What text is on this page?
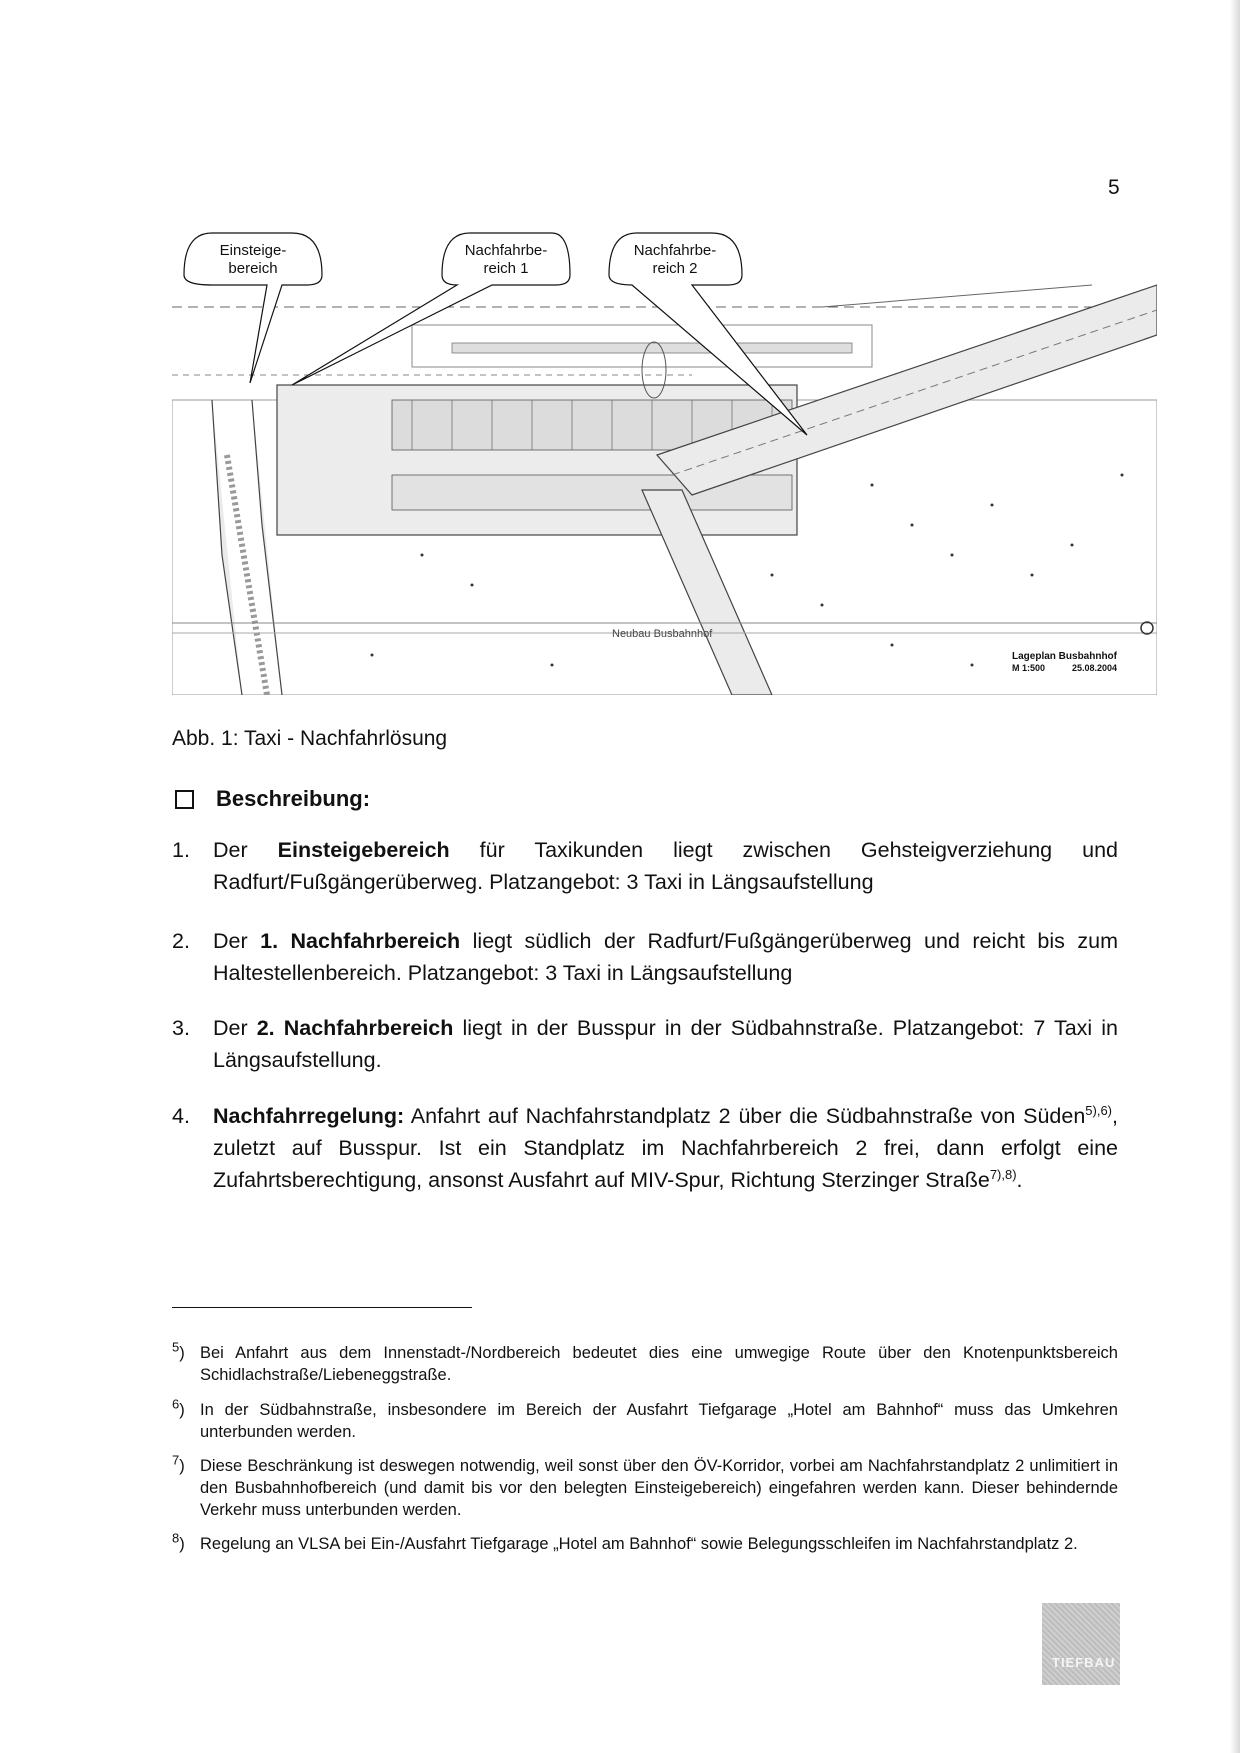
5
Neubau Busbahnhof
Lageplan Busbahnhof
M 1:500	25.08.2004
Einsteige-
bereich
Nachfahrbe-
reich 1
Nachfahrbe-
reich 2
Abb. 1: Taxi - Nachfahrlösung
Beschreibung:
1. Der Einsteigebereich für Taxikunden liegt zwischen Gehsteigverziehung und Radfurt/Fußgängerüberweg. Platzangebot: 3 Taxi in Längsaufstellung
2. Der 1. Nachfahrbereich liegt südlich der Radfurt/Fußgängerüberweg und reicht bis zum Haltestellenbereich. Platzangebot: 3 Taxi in Längsaufstellung
3. Der 2. Nachfahrbereich liegt in der Busspur in der Südbahnstraße. Platzangebot: 7 Taxi in Längsaufstellung.
4. Nachfahrregelung: Anfahrt auf Nachfahrstandplatz 2 über die Südbahnstraße von Süden$^{5),6)}$, zuletzt auf Busspur. Ist ein Standplatz im Nachfahrbereich 2 frei, dann erfolgt eine Zufahrtsberechtigung, ansonst Ausfahrt auf MIV-Spur, Richtung Sterzinger Straße$^{7),8)}$.
$^5$) Bei Anfahrt aus dem Innenstadt-/Nordbereich bedeutet dies eine umwegige Route über den Knotenpunktsbereich Schidlachstraße/Liebeneggstraße.
$^6$) In der Südbahnstraße, insbesondere im Bereich der Ausfahrt Tiefgarage „Hotel am Bahnhof“ muss das Umkehren unterbunden werden.
$^7$) Diese Beschränkung ist deswegen notwendig, weil sonst über den ÖV-Korridor, vorbei am Nachfahrstandplatz 2 unlimitiert in den Busbahnhofbereich (und damit bis vor den belegten Einsteigebereich) eingefahren werden kann. Dieser behindernde Verkehr muss unterbunden werden.
$^8$) Regelung an VLSA bei Ein-/Ausfahrt Tiefgarage „Hotel am Bahnhof“ sowie Belegungsschleifen im Nachfahrstandplatz 2.
TIEFBAU
